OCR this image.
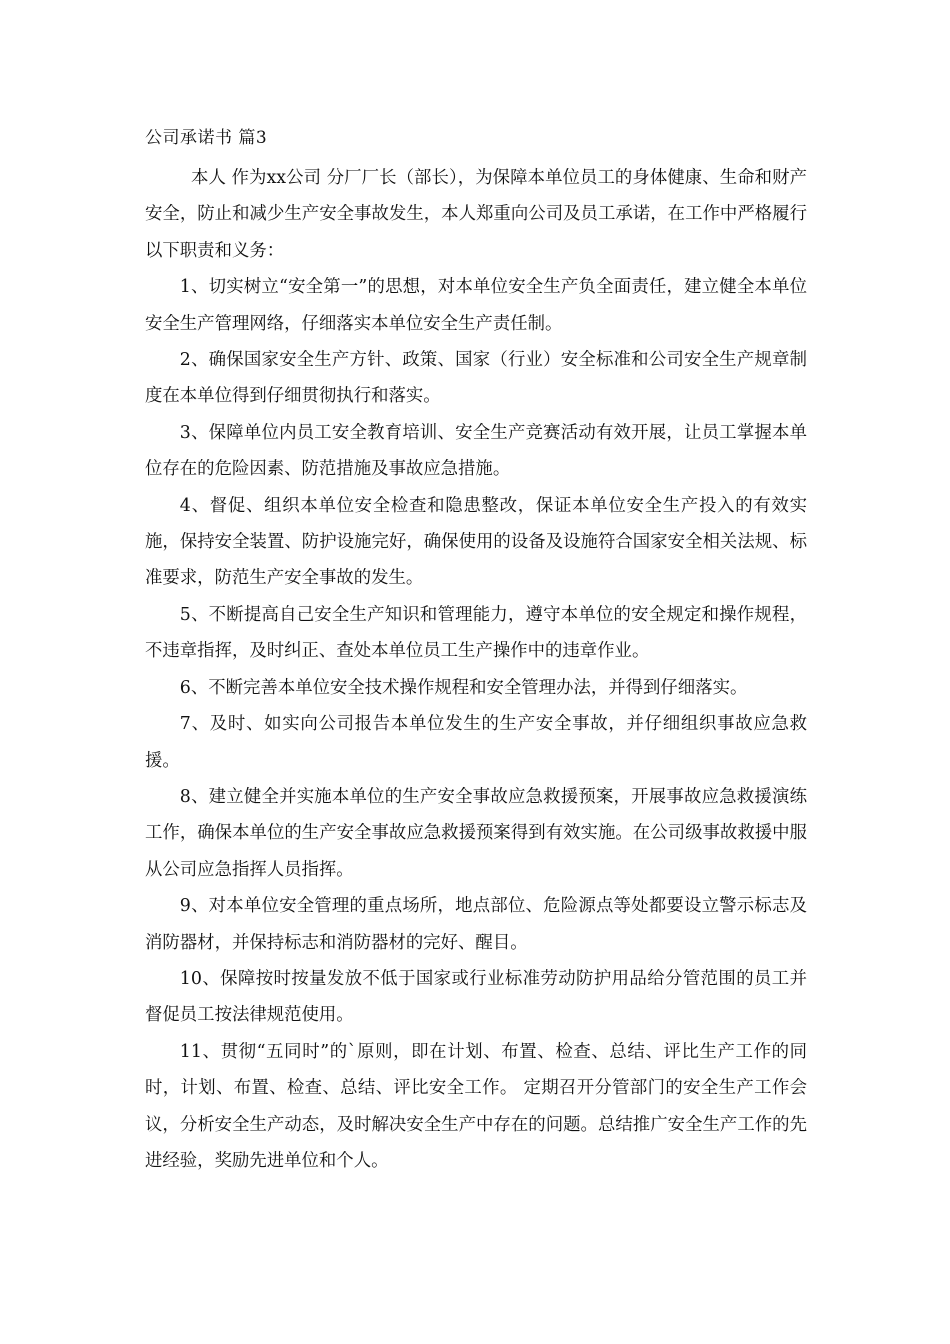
公司承诺书 篇3

本人 作为xx公司 分厂厂长（部长），为保障本单位员工的身体健康、生命和财产安全，防止和减少生产安全事故发生，本人郑重向公司及员工承诺，在工作中严格履行以下职责和义务：

1、切实树立“安全第一”的思想，对本单位安全生产负全面责任，建立健全本单位安全生产管理网络，仔细落实本单位安全生产责任制。

2、确保国家安全生产方针、政策、国家（行业）安全标准和公司安全生产规章制度在本单位得到仔细贯彻执行和落实。

3、保障单位内员工安全教育培训、安全生产竞赛活动有效开展，让员工掌握本单位存在的危险因素、防范措施及事故应急措施。

4、督促、组织本单位安全检查和隐患整改，保证本单位安全生产投入的有效实施，保持安全装置、防护设施完好，确保使用的设备及设施符合国家安全相关法规、标准要求，防范生产安全事故的发生。

5、不断提高自己安全生产知识和管理能力，遵守本单位的安全规定和操作规程，不违章指挥，及时纠正、查处本单位员工生产操作中的违章作业。

6、不断完善本单位安全技术操作规程和安全管理办法，并得到仔细落实。

7、及时、如实向公司报告本单位发生的生产安全事故，并仔细组织事故应急救援。

8、建立健全并实施本单位的生产安全事故应急救援预案，开展事故应急救援演练工作，确保本单位的生产安全事故应急救援预案得到有效实施。在公司级事故救援中服从公司应急指挥人员指挥。

9、对本单位安全管理的重点场所，地点部位、危险源点等处都要设立警示标志及消防器材，并保持标志和消防器材的完好、醒目。

10、保障按时按量发放不低于国家或行业标准劳动防护用品给分管范围的员工并督促员工按法律规范使用。

11、贯彻“五同时”的`原则，即在计划、布置、检查、总结、评比生产工作的同时，计划、布置、检查、总结、评比安全工作。 定期召开分管部门的安全生产工作会议，分析安全生产动态，及时解决安全生产中存在的问题。总结推广安全生产工作的先进经验，奖励先进单位和个人。
